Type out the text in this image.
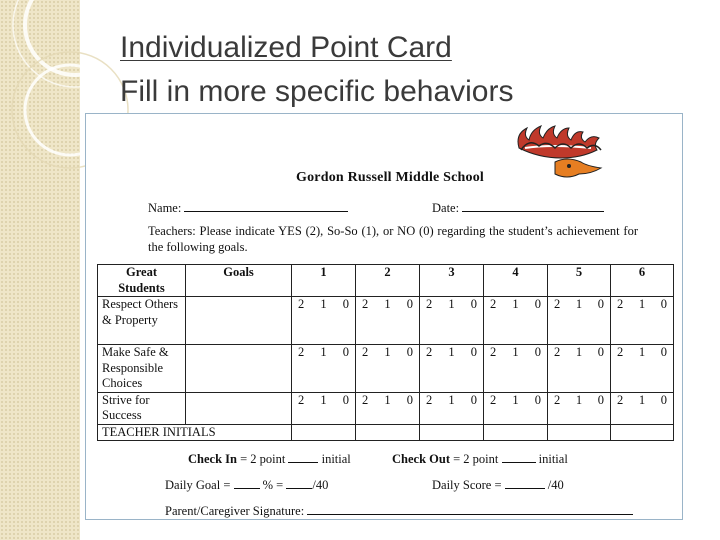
Individualized Point Card
Fill in more specific behaviors
Gordon Russell Middle School
Name:	Date:
Teachers: Please indicate YES (2), So-So (1), or NO (0) regarding the student’s achievement for the following goals.
Great Students	Goals	1	2	3	4	5	6
Respect Others & Property		2 1 0	2 1 0	2 1 0	2 1 0	2 1 0	2 1 0

Make Safe & Responsible Choices		2 1 0	2 1 0	2 1 0	2 1 0	2 1 0	2 1 0

Strive for Success		2 1 0	2 1 0	2 1 0	2 1 0	2 1 0	2 1 0

TEACHER INITIALS							
Check In = 2 point	initial	Check Out = 2 point	initial
Daily Goal =	% = /40	Daily Score =	/40
Parent/Caregiver Signature:
